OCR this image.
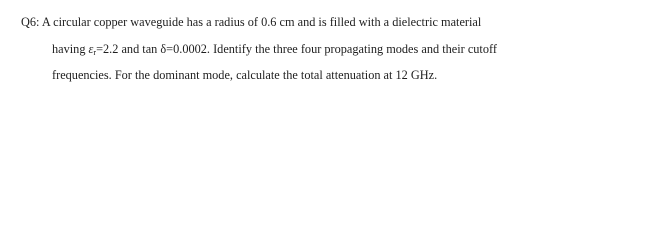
Q6: A circular copper waveguide has a radius of 0.6 cm and is filled with a dielectric material
having $\varepsilon_r=2.2$ and tan δ=0.0002. Identify the three four propagating modes and their cutoff
frequencies. For the dominant mode, calculate the total attenuation at 12 GHz.
